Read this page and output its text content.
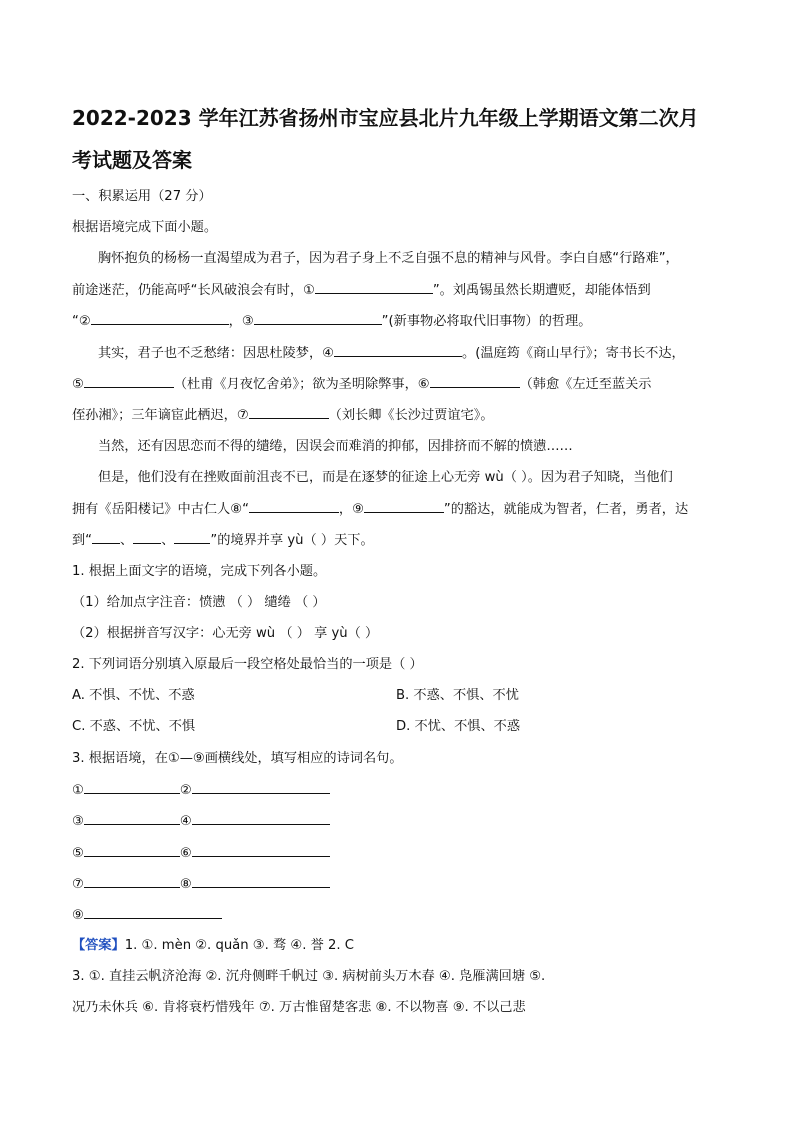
2022-2023 学年江苏省扬州市宝应县北片九年级上学期语文第二次月
考试题及答案
一、积累运用（27 分）
根据语境完成下面小题。
胸怀抱负的杨杨一直渴望成为君子，因为君子身上不乏自强不息的精神与风骨。李白自感“行路难”，
前途迷茫，仍能高呼“长风破浪会有时，①	”。刘禹锡虽然长期遭贬，却能体悟到
“②	，③	”(新事物必将取代旧事物）的哲理。
其实，君子也不乏愁绪：因思杜陵梦，④	。(温庭筠《商山早行》；寄书长不达，
⑤	（杜甫《月夜忆舍弟》；欲为圣明除弊事，⑥	（韩愈《左迁至蓝关示
侄孙湘》；三年谪宦此栖迟，⑦	（刘长卿《长沙过贾谊宅》。
当然，还有因思恋而不得的缱绻，因误会而难消的抑郁，因排挤而不解的愤懑……
但是，他们没有在挫败面前沮丧不已，而是在逐梦的征途上心无旁 wù（ ）。因为君子知晓，当他们
拥有《岳阳楼记》中古仁人⑧“	，⑨	”的豁达，就能成为智者，仁者，勇者，达
到“ 、 、	”的境界并享 yù（ ）天下。
1. 根据上面文字的语境，完成下列各小题。
（1）给加点字注音：愤懑 （ ） 缱绻 （ ）
（2）根据拼音写汉字：心无旁 wù （ ） 享 yù（ ）
2. 下列词语分别填入原最后一段空格处最恰当的一项是（ ）
A. 不惧、不忧、不惑	B. 不惑、不惧、不忧
C. 不惑、不忧、不惧	D. 不忧、不惧、不惑
3. 根据语境，在①—⑨画横线处，填写相应的诗词名句。
①	②
③	④
⑤	⑥
⑦	⑧
⑨
【答案】1. ①. mèn ②. quǎn ③. 骛 ④. 誉 2. C
3. ①. 直挂云帆济沧海 ②. 沉舟侧畔千帆过 ③. 病树前头万木春 ④. 凫雁满回塘 ⑤.
况乃未休兵 ⑥. 肯将衰朽惜残年 ⑦. 万古惟留楚客悲 ⑧. 不以物喜 ⑨. 不以己悲
